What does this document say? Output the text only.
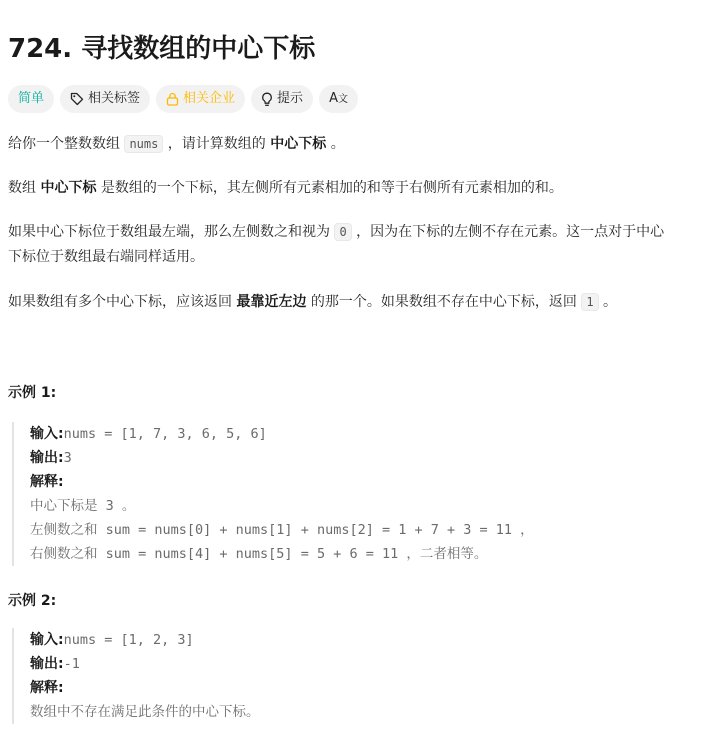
724. 寻找数组的中心下标
简单	相关标签	相关企业	提示 A文

给你一个整数数组 nums ，请计算数组的 中心下标 。

数组 中心下标 是数组的一个下标，其左侧所有元素相加的和等于右侧所有元素相加的和。

如果中心下标位于数组最左端，那么左侧数之和视为 0 ，因为在下标的左侧不存在元素。这一点对于中心
下标位于数组最右端同样适用。

如果数组有多个中心下标，应该返回 最靠近左边 的那一个。如果数组不存在中心下标，返回 1 。

示例 1:

输入:nums = [1, 7, 3, 6, 5, 6]
输出:3
解释:
中心下标是 3 。
左侧数之和 sum = nums[0] + nums[1] + nums[2] = 1 + 7 + 3 = 11 ，
右侧数之和 sum = nums[4] + nums[5] = 5 + 6 = 11 ，二者相等。

示例 2:

输入:nums = [1, 2, 3]
输出:-1
解释:
数组中不存在满足此条件的中心下标。
